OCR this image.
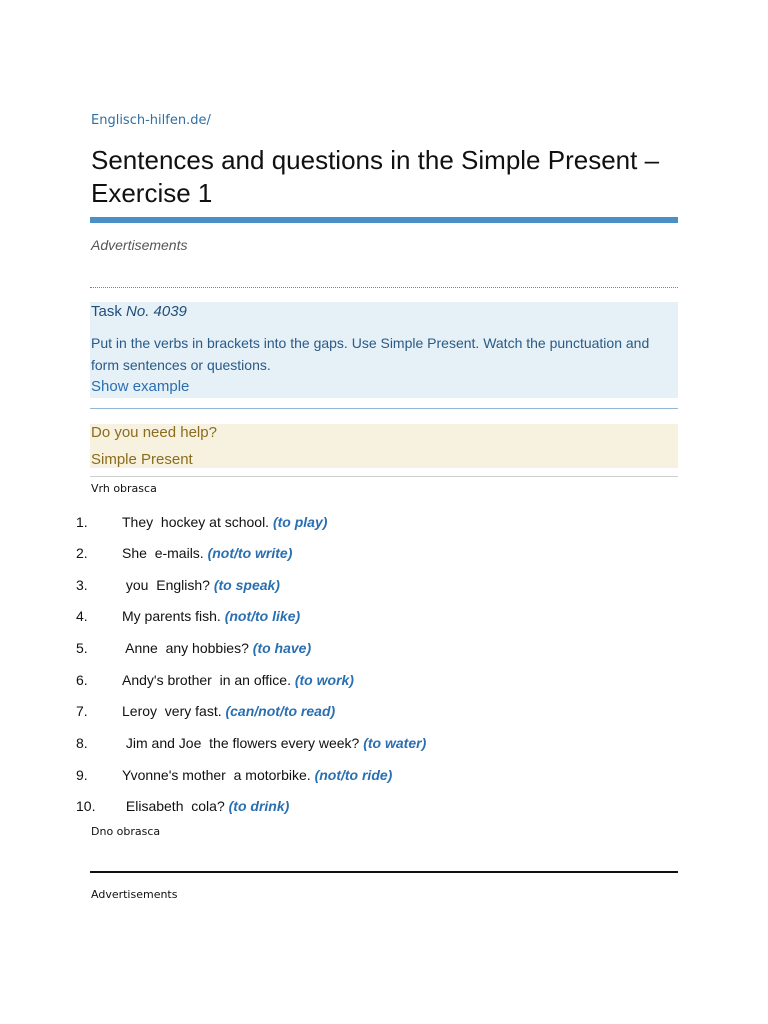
Englisch-hilfen.de/
Sentences and questions in the Simple Present – Exercise 1
Advertisements
Task No. 4039
Put in the verbs in brackets into the gaps. Use Simple Present. Watch the punctuation and form sentences or questions.
Show example
Do you need help?
Simple Present
Vrh obrasca
1. They  hockey at school. (to play)
2. She  e-mails. (not/to write)
3. you  English? (to speak)
4. My parents fish. (not/to like)
5. Anne  any hobbies? (to have)
6. Andy's brother  in an office. (to work)
7. Leroy  very fast. (can/not/to read)
8. Jim and Joe  the flowers every week? (to water)
9. Yvonne's mother  a motorbike. (not/to ride)
10. Elisabeth  cola? (to drink)
Dno obrasca
Advertisements
